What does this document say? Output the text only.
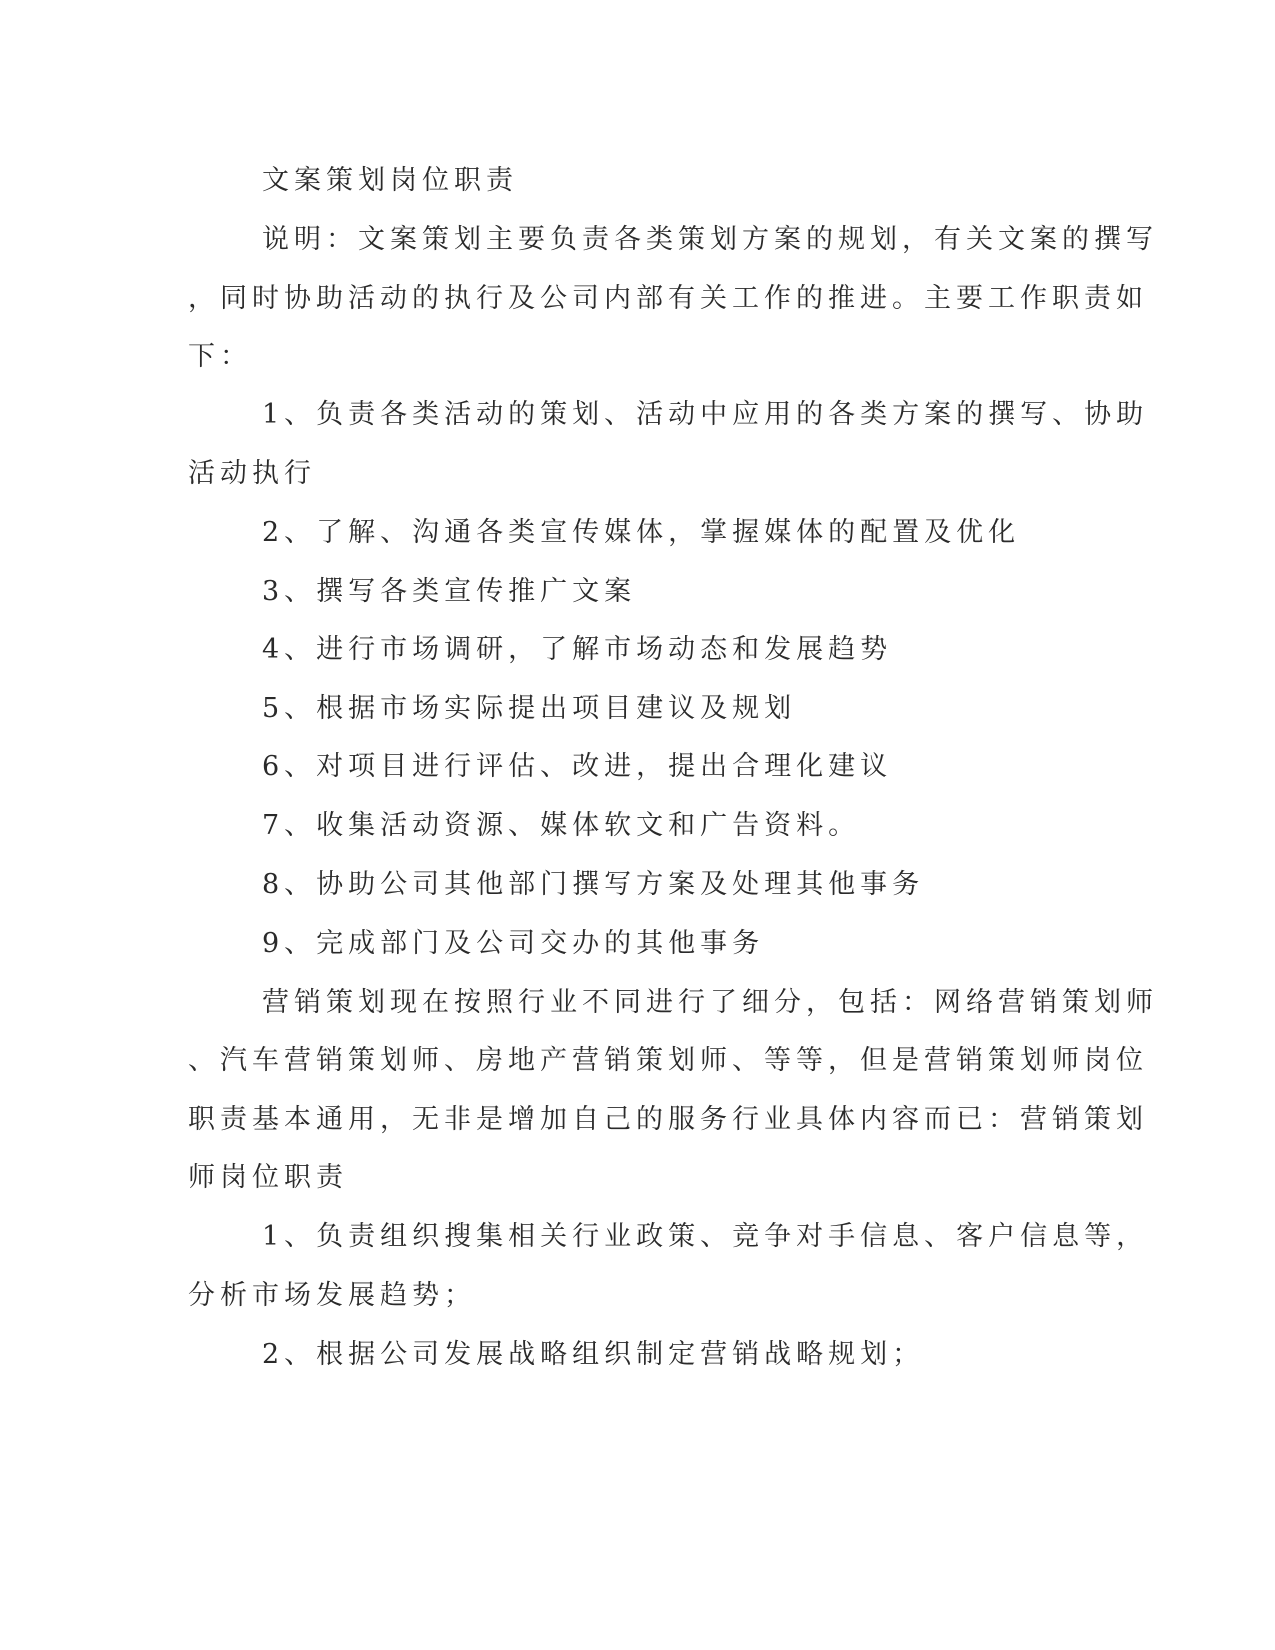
文案策划岗位职责
说明：文案策划主要负责各类策划方案的规划，有关文案的撰写
，同时协助活动的执行及公司内部有关工作的推进。主要工作职责如
下：
1、负责各类活动的策划、活动中应用的各类方案的撰写、协助
活动执行
2、了解、沟通各类宣传媒体，掌握媒体的配置及优化
3、撰写各类宣传推广文案
4、进行市场调研，了解市场动态和发展趋势
5、根据市场实际提出项目建议及规划
6、对项目进行评估、改进，提出合理化建议
7、收集活动资源、媒体软文和广告资料。
8、协助公司其他部门撰写方案及处理其他事务
9、完成部门及公司交办的其他事务
营销策划现在按照行业不同进行了细分，包括：网络营销策划师
、汽车营销策划师、房地产营销策划师、等等，但是营销策划师岗位
职责基本通用，无非是增加自己的服务行业具体内容而已：营销策划
师岗位职责
1、负责组织搜集相关行业政策、竞争对手信息、客户信息等，
分析市场发展趋势；
2、根据公司发展战略组织制定营销战略规划；
